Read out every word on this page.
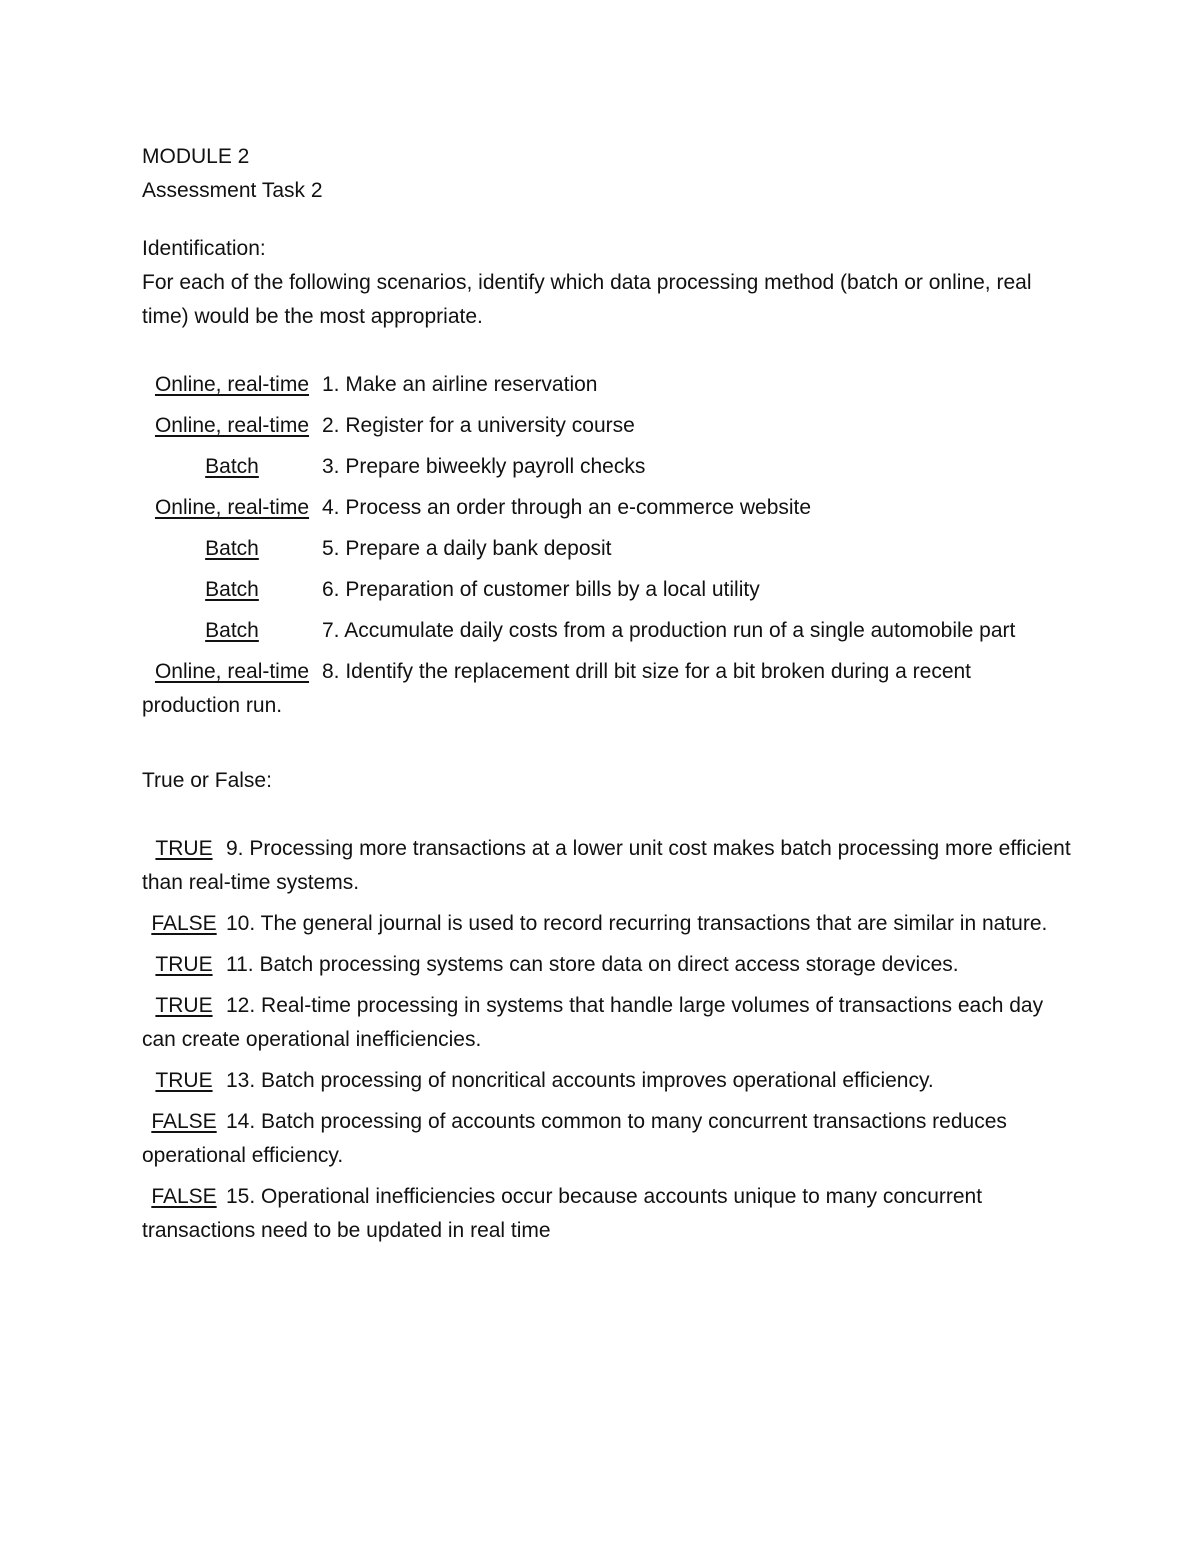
MODULE 2
Assessment Task 2
Identification:
For each of the following scenarios, identify which data processing method (batch or online, real time) would be the most appropriate.
Online, real-time 1. Make an airline reservation
Online, real-time 2. Register for a university course
Batch	3. Prepare biweekly payroll checks
Online, real-time 4. Process an order through an e-commerce website
Batch	5. Prepare a daily bank deposit
Batch	6. Preparation of customer bills by a local utility
Batch	7. Accumulate daily costs from a production run of a single automobile part
Online, real-time 8. Identify the replacement drill bit size for a bit broken during a recent production run.
True or False:
TRUE 9. Processing more transactions at a lower unit cost makes batch processing more efficient than real-time systems.
FALSE 10. The general journal is used to record recurring transactions that are similar in nature.
TRUE 11. Batch processing systems can store data on direct access storage devices.
TRUE 12. Real-time processing in systems that handle large volumes of transactions each day can create operational inefficiencies.
TRUE 13. Batch processing of noncritical accounts improves operational efficiency.
FALSE 14. Batch processing of accounts common to many concurrent transactions reduces operational efficiency.
FALSE 15. Operational inefficiencies occur because accounts unique to many concurrent transactions need to be updated in real time
